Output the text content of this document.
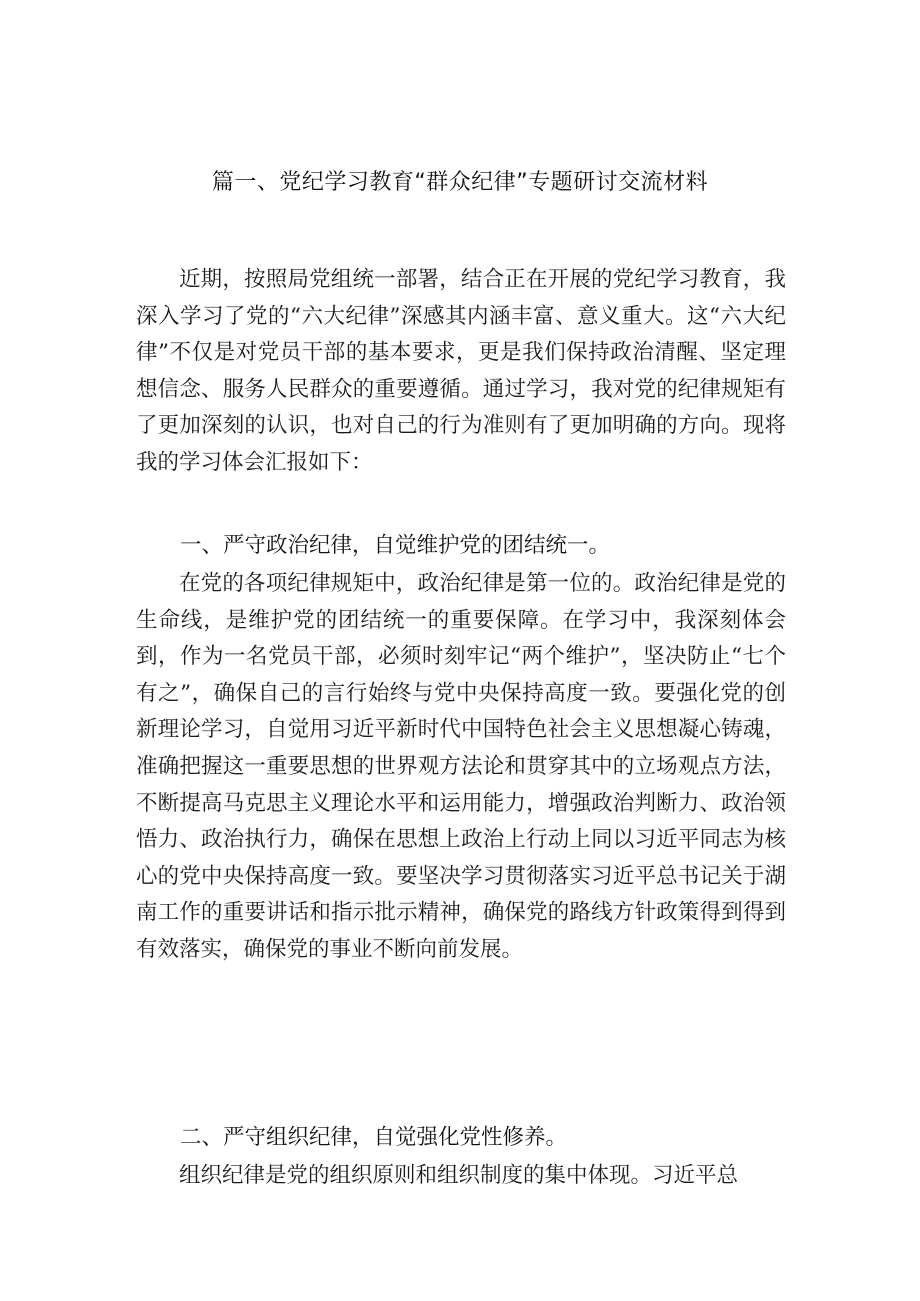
篇一、党纪学习教育“群众纪律”专题研讨交流材料

近期，按照局党组统一部署，结合正在开展的党纪学习教育，我深入学习了党的“六大纪律”深感其内涵丰富、意义重大。这“六大纪律”不仅是对党员干部的基本要求，更是我们保持政治清醒、坚定理想信念、服务人民群众的重要遵循。通过学习，我对党的纪律规矩有了更加深刻的认识，也对自己的行为准则有了更加明确的方向。现将我的学习体会汇报如下：

一、严守政治纪律，自觉维护党的团结统一。

在党的各项纪律规矩中，政治纪律是第一位的。政治纪律是党的生命线，是维护党的团结统一的重要保障。在学习中，我深刻体会到，作为一名党员干部，必须时刻牢记“两个维护”，坚决防止“七个有之”，确保自己的言行始终与党中央保持高度一致。要强化党的创新理论学习，自觉用习近平新时代中国特色社会主义思想凝心铸魂，准确把握这一重要思想的世界观方法论和贯穿其中的立场观点方法，不断提高马克思主义理论水平和运用能力，增强政治判断力、政治领悟力、政治执行力，确保在思想上政治上行动上同以习近平同志为核心的党中央保持高度一致。要坚决学习贯彻落实习近平总书记关于湖南工作的重要讲话和指示批示精神，确保党的路线方针政策得到得到有效落实，确保党的事业不断向前发展。

二、严守组织纪律，自觉强化党性修养。

组织纪律是党的组织原则和组织制度的集中体现。习近平总
